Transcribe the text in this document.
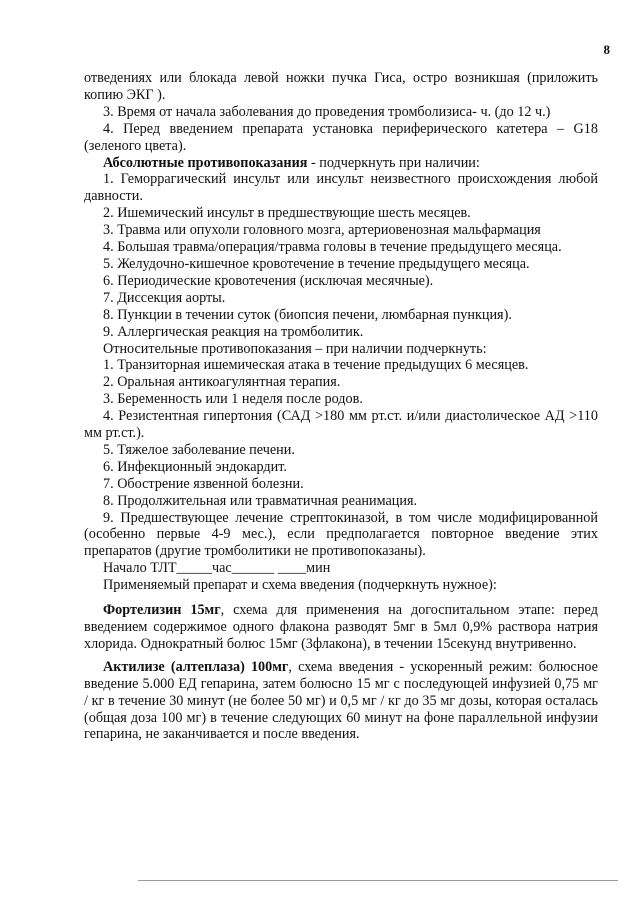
8

отведениях или блокада левой ножки пучка Гиса, остро возникшая (приложить копию ЭКГ ).

3. Время от начала заболевания до проведения тромболизиса- ч. (до 12 ч.)

4. Перед введением препарата установка периферического катетера – G18 (зеленого цвета).

Абсолютные противопоказания - подчеркнуть при наличии:

1. Геморрагический инсульт или инсульт неизвестного происхождения любой давности.

2. Ишемический инсульт в предшествующие шесть месяцев.

3. Травма или опухоли головного мозга, артериовенозная мальфармация

4. Большая травма/операция/травма головы в течение предыдущего месяца.

5. Желудочно-кишечное кровотечение в течение предыдущего месяца.

6. Периодические кровотечения (исключая месячные).

7. Диссекция аорты.

8. Пункции в течении суток (биопсия печени, люмбарная пункция).

9. Аллергическая реакция на тромболитик.

Относительные противопоказания – при наличии подчеркнуть:

1. Транзиторная ишемическая атака в течение предыдущих 6 месяцев.

2. Оральная антикоагулянтная терапия.

3. Беременность или 1 неделя после родов.

4. Резистентная гипертония (САД >180 мм рт.ст. и/или диастолическое АД >110 мм рт.ст.).

5. Тяжелое заболевание печени.

6. Инфекционный эндокардит.

7. Обострение язвенной болезни.

8. Продолжительная или травматичная реанимация.

9. Предшествующее лечение стрептокиназой, в том числе модифицированной (особенно первые 4-9 мес.), если предполагается повторное введение этих препаратов (другие тромболитики не противопоказаны).

Начало ТЛТ_____час______ ____мин

Применяемый препарат и схема введения (подчеркнуть нужное):

Фортелизин 15мг, схема для применения на догоспитальном этапе: перед введением содержимое одного флакона разводят 5мг в 5мл 0,9% раствора натрия хлорида. Однократный болюс 15мг (3флакона), в течении 15секунд внутривенно.

Актилизе (алтеплаза) 100мг, схема введения - ускоренный режим: болюсное введение 5.000 ЕД гепарина, затем болюсно 15 мг с последующей инфузией 0,75 мг / кг в течение 30 минут (не более 50 мг) и 0,5 мг / кг до 35 мг дозы, которая осталась (общая доза 100 мг) в течение следующих 60 минут на фоне параллельной инфузии гепарина, не заканчивается и после введения.
